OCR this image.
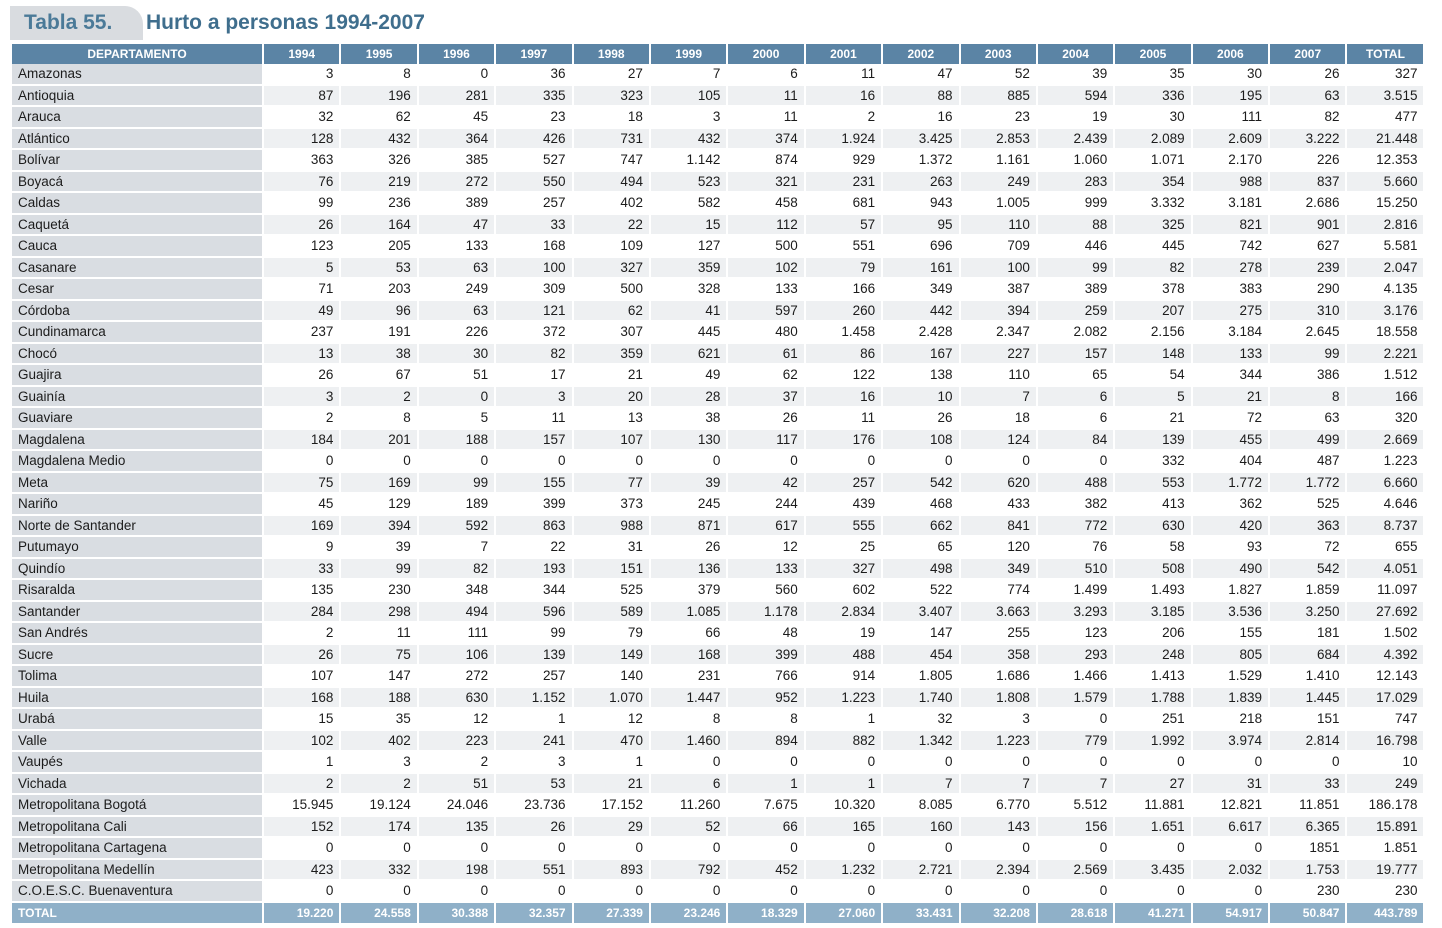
Tabla 55.	Hurto a personas 1994-2007
DEPARTAMENTO	1994	1995	1996	1997	1998	1999	2000	2001	2002	2003	2004	2005	2006	2007	TOTAL
Amazonas	3	8	0	36	27	7	6	11	47	52	39	35	30	26	327
Antioquia	87	196	281	335	323	105	11	16	88	885	594	336	195	63	3.515
Arauca	32	62	45	23	18	3	11	2	16	23	19	30	111	82	477
Atlántico	128	432	364	426	731	432	374	1.924	3.425	2.853	2.439	2.089	2.609	3.222	21.448
Bolívar	363	326	385	527	747	1.142	874	929	1.372	1.161	1.060	1.071	2.170	226	12.353
Boyacá	76	219	272	550	494	523	321	231	263	249	283	354	988	837	5.660
Caldas	99	236	389	257	402	582	458	681	943	1.005	999	3.332	3.181	2.686	15.250
Caquetá	26	164	47	33	22	15	112	57	95	110	88	325	821	901	2.816
Cauca	123	205	133	168	109	127	500	551	696	709	446	445	742	627	5.581
Casanare	5	53	63	100	327	359	102	79	161	100	99	82	278	239	2.047
Cesar	71	203	249	309	500	328	133	166	349	387	389	378	383	290	4.135
Córdoba	49	96	63	121	62	41	597	260	442	394	259	207	275	310	3.176
Cundinamarca	237	191	226	372	307	445	480	1.458	2.428	2.347	2.082	2.156	3.184	2.645	18.558
Chocó	13	38	30	82	359	621	61	86	167	227	157	148	133	99	2.221
Guajira	26	67	51	17	21	49	62	122	138	110	65	54	344	386	1.512
Guainía	3	2	0	3	20	28	37	16	10	7	6	5	21	8	166
Guaviare	2	8	5	11	13	38	26	11	26	18	6	21	72	63	320
Magdalena	184	201	188	157	107	130	117	176	108	124	84	139	455	499	2.669
Magdalena Medio	0	0	0	0	0	0	0	0	0	0	0	332	404	487	1.223
Meta	75	169	99	155	77	39	42	257	542	620	488	553	1.772	1.772	6.660
Nariño	45	129	189	399	373	245	244	439	468	433	382	413	362	525	4.646
Norte de Santander	169	394	592	863	988	871	617	555	662	841	772	630	420	363	8.737
Putumayo	9	39	7	22	31	26	12	25	65	120	76	58	93	72	655
Quindío	33	99	82	193	151	136	133	327	498	349	510	508	490	542	4.051
Risaralda	135	230	348	344	525	379	560	602	522	774	1.499	1.493	1.827	1.859	11.097
Santander	284	298	494	596	589	1.085	1.178	2.834	3.407	3.663	3.293	3.185	3.536	3.250	27.692
San Andrés	2	11	111	99	79	66	48	19	147	255	123	206	155	181	1.502
Sucre	26	75	106	139	149	168	399	488	454	358	293	248	805	684	4.392
Tolima	107	147	272	257	140	231	766	914	1.805	1.686	1.466	1.413	1.529	1.410	12.143
Huila	168	188	630	1.152	1.070	1.447	952	1.223	1.740	1.808	1.579	1.788	1.839	1.445	17.029
Urabá	15	35	12	1	12	8	8	1	32	3	0	251	218	151	747
Valle	102	402	223	241	470	1.460	894	882	1.342	1.223	779	1.992	3.974	2.814	16.798
Vaupés	1	3	2	3	1	0	0	0	0	0	0	0	0	0	10
Vichada	2	2	51	53	21	6	1	1	7	7	7	27	31	33	249
Metropolitana Bogotá	15.945	19.124	24.046	23.736	17.152	11.260	7.675	10.320	8.085	6.770	5.512	11.881	12.821	11.851	186.178
Metropolitana Cali	152	174	135	26	29	52	66	165	160	143	156	1.651	6.617	6.365	15.891
Metropolitana Cartagena	0	0	0	0	0	0	0	0	0	0	0	0	0	1851	1.851
Metropolitana Medellín	423	332	198	551	893	792	452	1.232	2.721	2.394	2.569	3.435	2.032	1.753	19.777
C.O.E.S.C. Buenaventura	0	0	0	0	0	0	0	0	0	0	0	0	0	230	230
TOTAL	19.220	24.558	30.388	32.357	27.339	23.246	18.329	27.060	33.431	32.208	28.618	41.271	54.917	50.847	443.789
